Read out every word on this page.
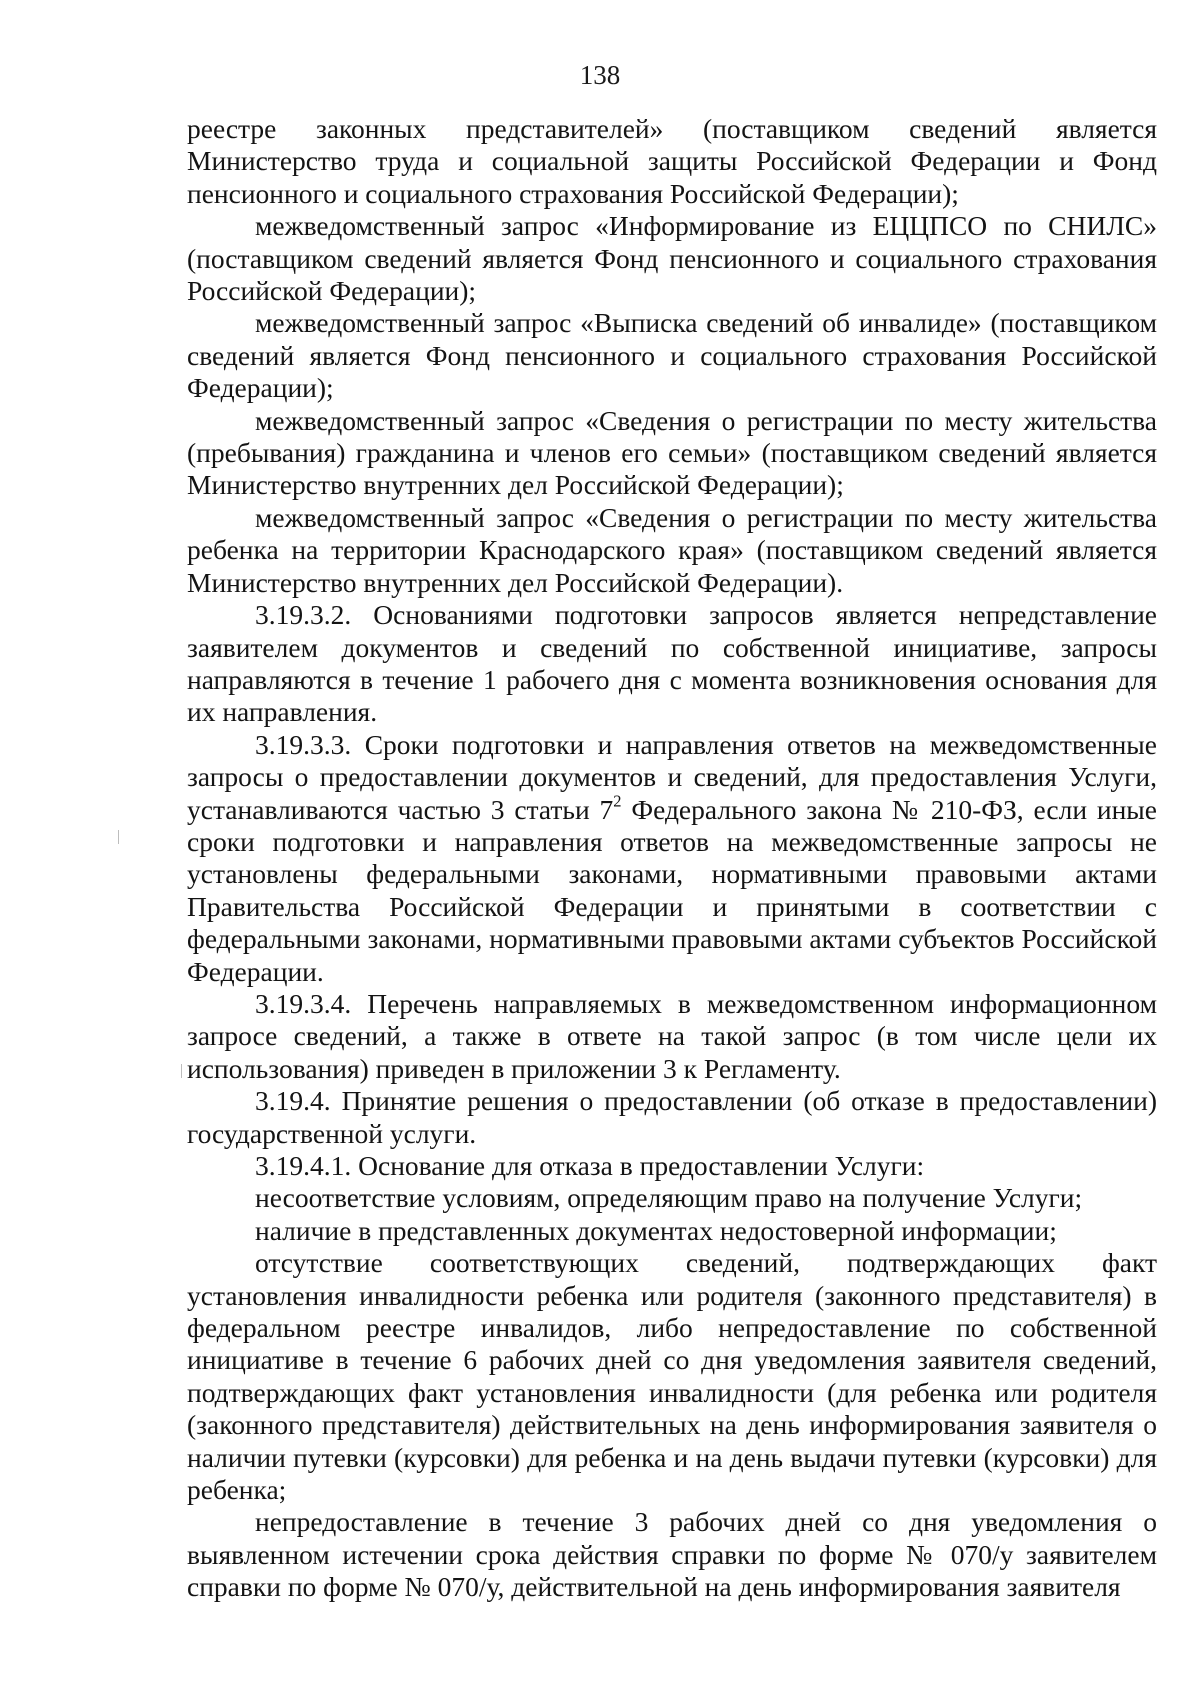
138

реестре законных представителей» (поставщиком сведений является Министерство труда и социальной защиты Российской Федерации и Фонд пенсионного и социального страхования Российской Федерации);

межведомственный запрос «Информирование из ЕЦЦПСО по СНИЛС» (поставщиком сведений является Фонд пенсионного и социального страхования Российской Федерации);

межведомственный запрос «Выписка сведений об инвалиде» (поставщиком сведений является Фонд пенсионного и социального страхования Российской Федерации);

межведомственный запрос «Сведения о регистрации по месту жительства (пребывания) гражданина и членов его семьи» (поставщиком сведений является Министерство внутренних дел Российской Федерации);

межведомственный запрос «Сведения о регистрации по месту жительства ребенка на территории Краснодарского края» (поставщиком сведений является Министерство внутренних дел Российской Федерации).

3.19.3.2. Основаниями подготовки запросов является непредставление заявителем документов и сведений по собственной инициативе, запросы направляются в течение 1 рабочего дня с момента возникновения основания для их направления.

3.19.3.3. Сроки подготовки и направления ответов на межведомственные запросы о предоставлении документов и сведений, для предоставления Услуги, устанавливаются частью 3 статьи $7^2$ Федерального закона № 210-ФЗ, если иные сроки подготовки и направления ответов на межведомственные запросы не установлены федеральными законами, нормативными правовыми актами Правительства Российской Федерации и принятыми в соответствии с федеральными законами, нормативными правовыми актами субъектов Российской Федерации.

3.19.3.4. Перечень направляемых в межведомственном информационном запросе сведений, а также в ответе на такой запрос (в том числе цели их использования) приведен в приложении 3 к Регламенту.

3.19.4. Принятие решения о предоставлении (об отказе в предоставлении) государственной услуги.

3.19.4.1. Основание для отказа в предоставлении Услуги:

несоответствие условиям, определяющим право на получение Услуги;

наличие в представленных документах недостоверной информации;

отсутствие соответствующих сведений, подтверждающих факт установления инвалидности ребенка или родителя (законного представителя) в федеральном реестре инвалидов, либо непредоставление по собственной инициативе в течение 6 рабочих дней со дня уведомления заявителя сведений, подтверждающих факт установления инвалидности (для ребенка или родителя (законного представителя) действительных на день информирования заявителя о наличии путевки (курсовки) для ребенка и на день выдачи путевки (курсовки) для ребенка;

непредоставление в течение 3 рабочих дней со дня уведомления о выявленном истечении срока действия справки по форме № 070/у заявителем справки по форме № 070/у, действительной на день информирования заявителя
